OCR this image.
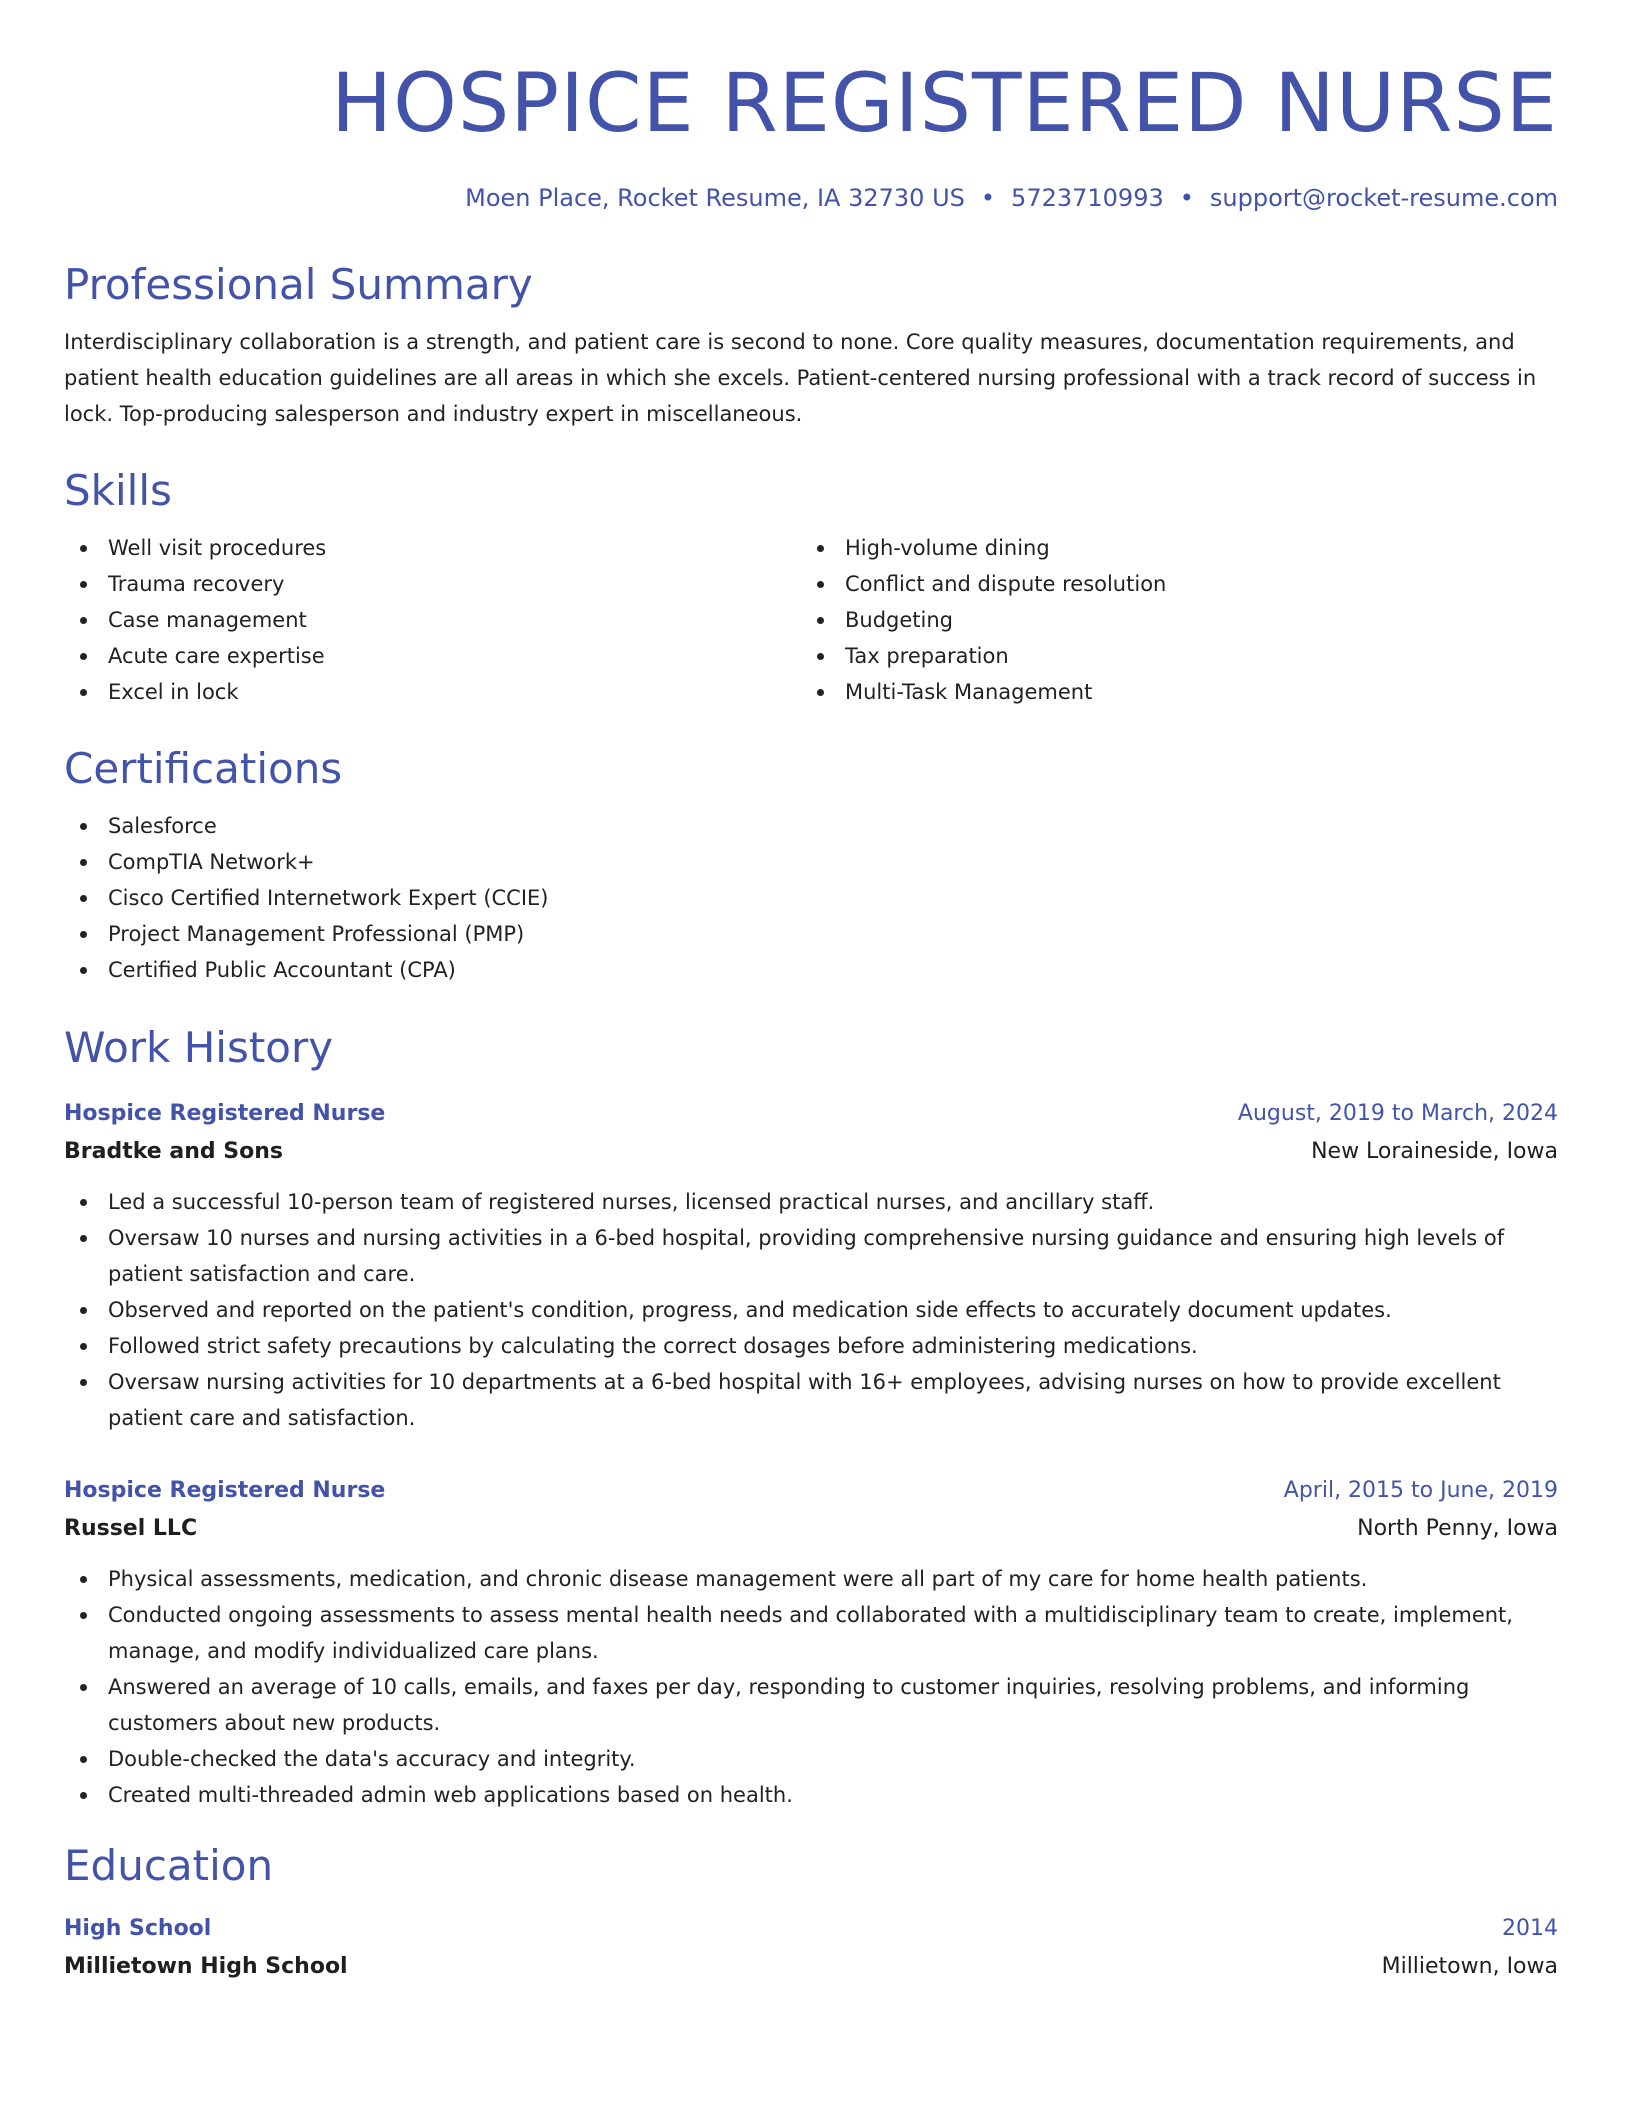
HOSPICE REGISTERED NURSE
Moen Place, Rocket Resume, IA 32730 US • 5723710993 • support@rocket-resume.com
Professional Summary

Interdisciplinary collaboration is a strength, and patient care is second to none. Core quality measures, documentation requirements, and patient health education guidelines are all areas in which she excels. Patient-centered nursing professional with a track record of success in lock. Top-producing salesperson and industry expert in miscellaneous.

Skills
Well visit procedures
Trauma recovery
Case management
Acute care expertise
Excel in lock
High-volume dining
Conflict and dispute resolution
Budgeting
Tax preparation
Multi-Task Management
Certifications
Salesforce
CompTIA Network+
Cisco Certified Internetwork Expert (CCIE)
Project Management Professional (PMP)
Certified Public Accountant (CPA)
Work History
Hospice Registered Nurse	August, 2019 to March, 2024
Bradtke and Sons	New Loraineside, Iowa
Led a successful 10-person team of registered nurses, licensed practical nurses, and ancillary staff.
Oversaw 10 nurses and nursing activities in a 6-bed hospital, providing comprehensive nursing guidance and ensuring high levels of patient satisfaction and care.
Observed and reported on the patient's condition, progress, and medication side effects to accurately document updates.
Followed strict safety precautions by calculating the correct dosages before administering medications.
Oversaw nursing activities for 10 departments at a 6-bed hospital with 16+ employees, advising nurses on how to provide excellent patient care and satisfaction.
Hospice Registered Nurse	April, 2015 to June, 2019
Russel LLC	North Penny, Iowa
Physical assessments, medication, and chronic disease management were all part of my care for home health patients.
Conducted ongoing assessments to assess mental health needs and collaborated with a multidisciplinary team to create, implement, manage, and modify individualized care plans.
Answered an average of 10 calls, emails, and faxes per day, responding to customer inquiries, resolving problems, and informing customers about new products.
Double-checked the data's accuracy and integrity.
Created multi-threaded admin web applications based on health.
Education
High School	2014
Millietown High School	Millietown, Iowa
